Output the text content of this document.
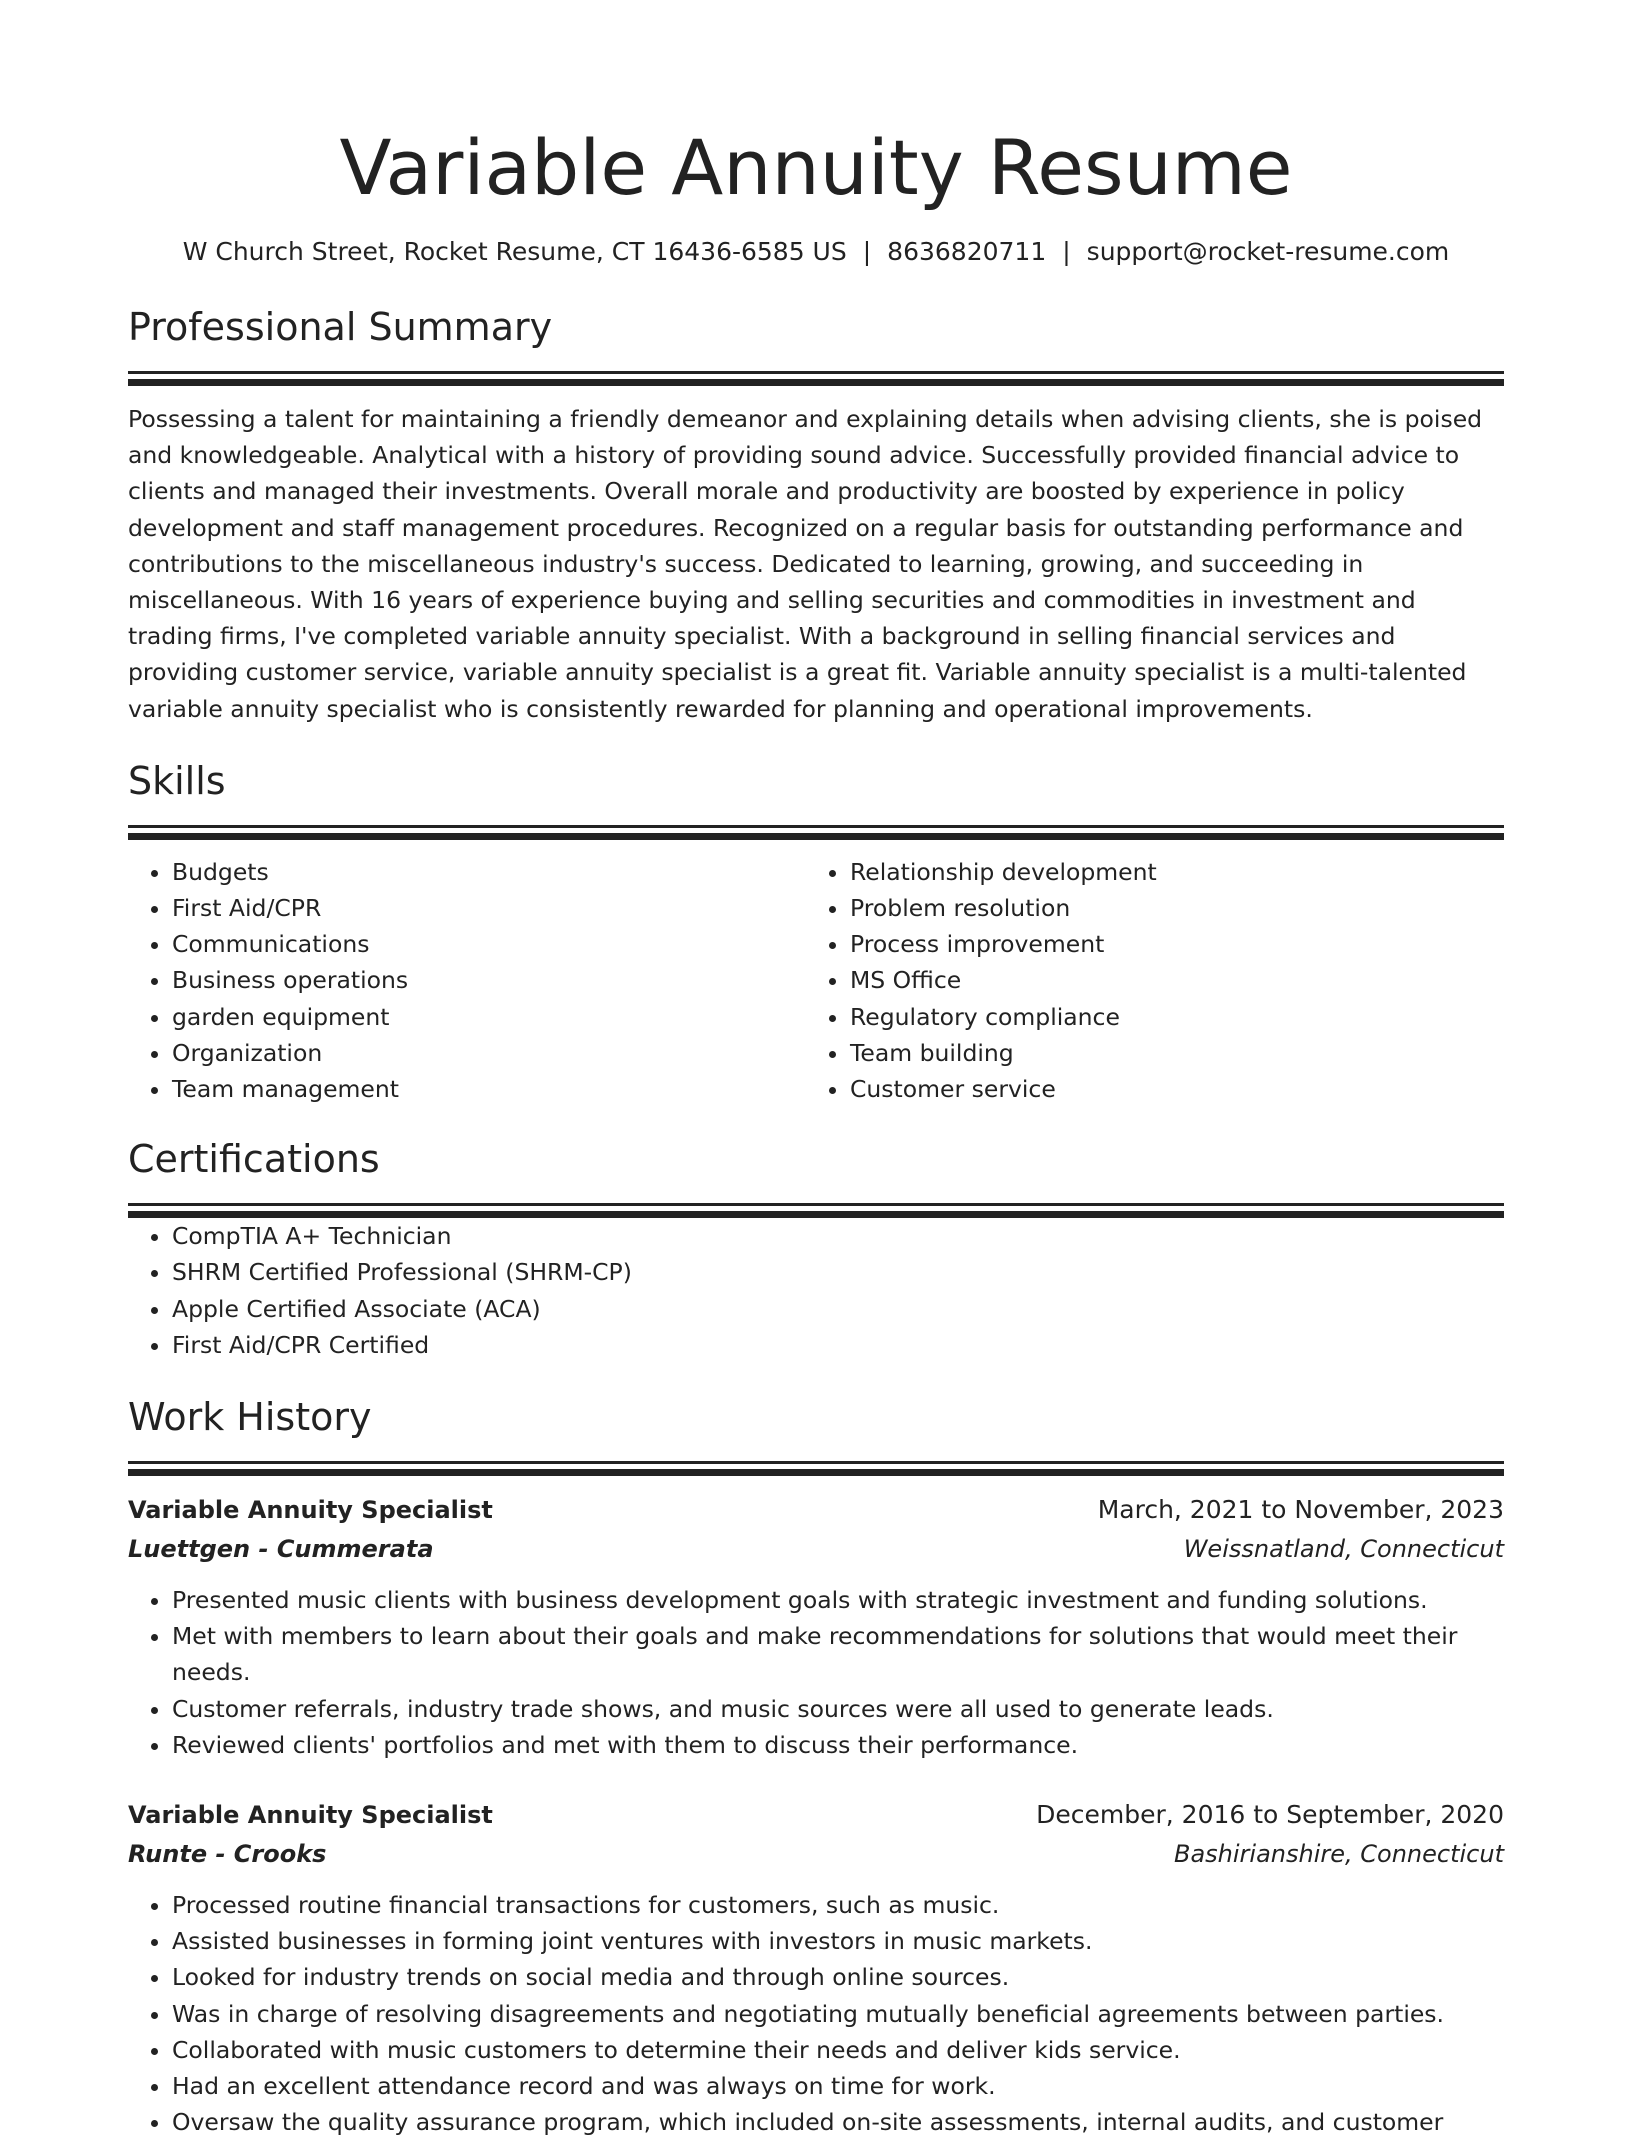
Variable Annuity Resume
W Church Street, Rocket Resume, CT 16436-6585 US | 8636820711 | support@rocket-resume.com
Professional Summary

Possessing a talent for maintaining a friendly demeanor and explaining details when advising clients, she is poised and knowledgeable. Analytical with a history of providing sound advice. Successfully provided financial advice to clients and managed their investments. Overall morale and productivity are boosted by experience in policy development and staff management procedures. Recognized on a regular basis for outstanding performance and contributions to the miscellaneous industry's success. Dedicated to learning, growing, and succeeding in miscellaneous. With 16 years of experience buying and selling securities and commodities in investment and trading firms, I've completed variable annuity specialist. With a background in selling financial services and providing customer service, variable annuity specialist is a great fit. Variable annuity specialist is a multi-talented variable annuity specialist who is consistently rewarded for planning and operational improvements.

Skills
• Budgets
• First Aid/CPR
• Communications
• Business operations
• garden equipment
• Organization
• Team management
• Relationship development
• Problem resolution
• Process improvement
• MS Office
• Regulatory compliance
• Team building
• Customer service
Certifications
• CompTIA A+ Technician
• SHRM Certified Professional (SHRM-CP)
• Apple Certified Associate (ACA)
• First Aid/CPR Certified
Work History
Variable Annuity Specialist	March, 2021 to November, 2023
Luettgen - Cummerata	Weissnatland, Connecticut
• Presented music clients with business development goals with strategic investment and funding solutions.
• Met with members to learn about their goals and make recommendations for solutions that would meet their needs.
• Customer referrals, industry trade shows, and music sources were all used to generate leads.
• Reviewed clients' portfolios and met with them to discuss their performance.
Variable Annuity Specialist	December, 2016 to September, 2020
Runte - Crooks	Bashirianshire, Connecticut
• Processed routine financial transactions for customers, such as music.
• Assisted businesses in forming joint ventures with investors in music markets.
• Looked for industry trends on social media and through online sources.
• Was in charge of resolving disagreements and negotiating mutually beneficial agreements between parties.
• Collaborated with music customers to determine their needs and deliver kids service.
• Had an excellent attendance record and was always on time for work.
• Oversaw the quality assurance program, which included on-site assessments, internal audits, and customer
